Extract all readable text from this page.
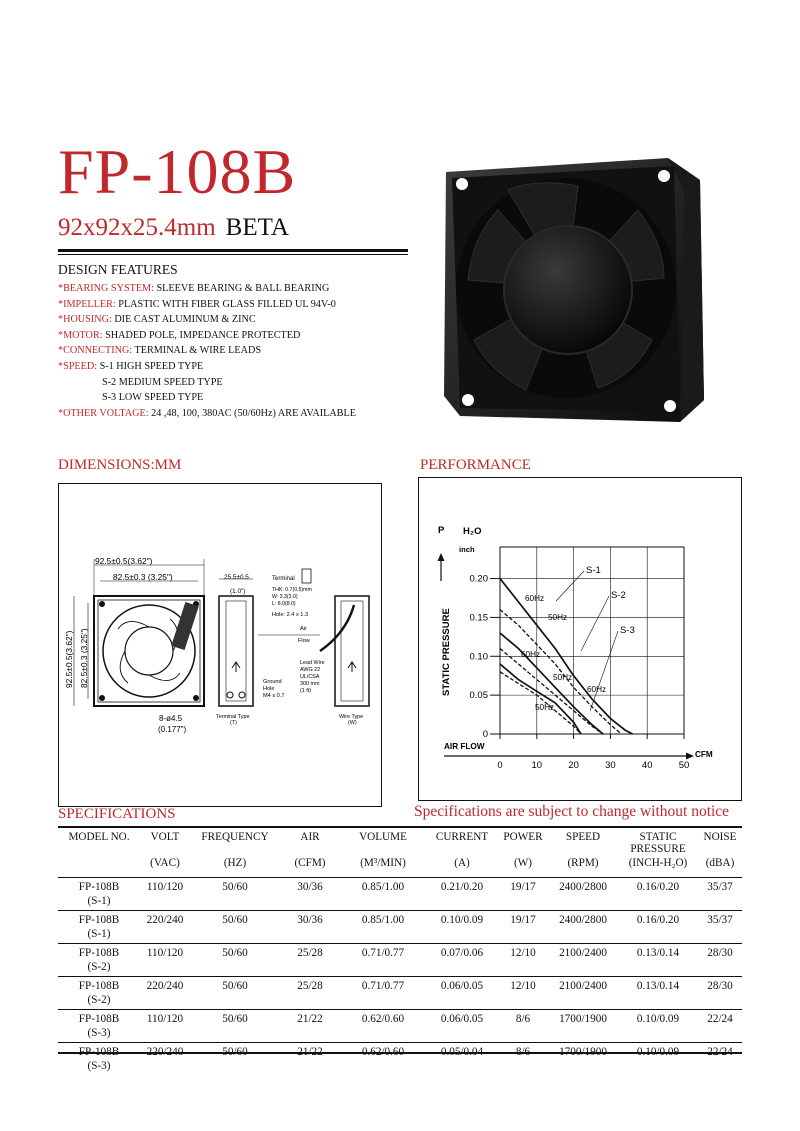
FP-108B
92x92x25.4mm BETA
DESIGN FEATURES
*BEARING SYSTEM: SLEEVE BEARING & BALL BEARING
*IMPELLER: PLASTIC WITH FIBER GLASS FILLED UL 94V-0
*HOUSING: DIE CAST ALUMINUM & ZINC
*MOTOR: SHADED POLE, IMPEDANCE PROTECTED
*CONNECTING: TERMINAL & WIRE LEADS
*SPEED: S-1 HIGH SPEED TYPE
S-2 MEDIUM SPEED TYPE
S-3 LOW SPEED TYPE
*OTHER VOLTAGE: 24 ,48, 100, 380AC (50/60Hz) ARE AVAILABLE
DIMENSIONS:MM
92.5±0.5(3.62")
82.5±0.3 (3.25")
92.5±0.5(3.62") 82.5±0.3 (3.25")
8-ø4.5
(0.177")
25.5±0.5
(1.0")
Terminal
THK: 0.7(0.5)mm
W: 3.3(3.0)
L: 8.0(8.0)
Hole: 2.4 x 1.3
Air
Flow
Ground
Hole
M4 x 0.7
Terminal Type
(T)
Lead Wire
AWG 22
UL/CSA
300 mm
(1 ft)
Wire Type
(W)
PERFORMANCE
P H₂O
inch
STATIC PRESSURE
AIR FLOW
CFM
0
0.05
0.10
0.15
0.20
0	10	20	30	40	50
S-1
S-2
S-3
60Hz
50Hz
60Hz
50Hz
60Hz
50Hz
Specifications are subject to change without notice
SPECIFICATIONS
MODEL NO.	VOLT	FREQUENCY	AIR	VOLUME	CURRENT	POWER	SPEED	STATIC PRESSURE	NOISE
	(VAC)	(HZ)	(CFM)	(M³/MIN)	(A)	(W)	(RPM)	(INCH-H₂O)	(dBA)

FP-108B
(S-1)	110/120	50/60	30/36	0.85/1.00	0.21/0.20	19/17	2400/2800	0.16/0.20	35/37

FP-108B
(S-1)	220/240	50/60	30/36	0.85/1.00	0.10/0.09	19/17	2400/2800	0.16/0.20	35/37

FP-108B
(S-2)	110/120	50/60	25/28	0.71/0.77	0.07/0.06	12/10	2100/2400	0.13/0.14	28/30

FP-108B
(S-2)	220/240	50/60	25/28	0.71/0.77	0.06/0.05	12/10	2100/2400	0.13/0.14	28/30

FP-108B
(S-3)	110/120	50/60	21/22	0.62/0.60	0.06/0.05	8/6	1700/1900	0.10/0.09	22/24

FP-108B
(S-3)	220/240	50/60	21/22	0.62/0.60	0.05/0.04	8/6	1700/1900	0.10/0.09	22/24
